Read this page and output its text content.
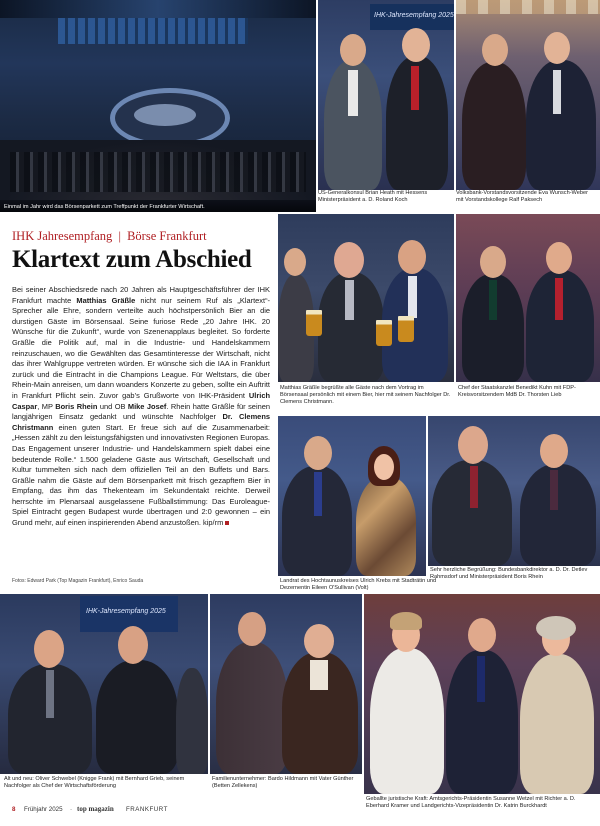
Einmal im Jahr wird das Börsenparkett zum Treffpunkt der Frankfurter Wirtschaft.
IHK-Jahresempfang 2025
US-Generalkonsul Brian Heath mit Hessens Ministerpräsident a. D. Roland Koch
Volksbank-Vorstandsvorsitzende Eva Wunsch-Weber mit Vorstandskollege Ralf Paksech
IHK Jahresempfang | Börse Frankfurt
Klartext zum Abschied
Bei seiner Abschiedsrede nach 20 Jahren als Hauptgeschäftsführer der IHK Frankfurt machte Matthias Gräßle nicht nur seinem Ruf als „Klartext“-Sprecher alle Ehre, sondern verteilte auch höchstpersönlich Bier an die durstigen Gäste im Börsensaal. Seine furiose Rede „20 Jahre IHK. 20 Wünsche für die Zukunft“, wurde von Szenenapplaus begleitet. So forderte Gräßle die Politik auf, mal in die Industrie- und Handelskammern reinzuschauen, wo die Gewählten das Gesamtinteresse der Wirtschaft, nicht das ihrer Wahlgruppe vertreten würden. Er wünsche sich die IAA in Frankfurt zurück und die Eintracht in die Champions League. Für Weltstars, die über Rhein-Main anreisen, um dann woanders Konzerte zu geben, sollte ein Auftritt in Frankfurt Pflicht sein. Zuvor gab’s Grußworte von IHK-Präsident Ulrich Caspar, MP Boris Rhein und OB Mike Josef. Rhein hatte Gräßle für seinen langjährigen Einsatz gedankt und wünschte Nachfolger Dr. Clemens Christmann einen guten Start. Er freue sich auf die Zusammenarbeit: „Hessen zählt zu den leistungsfähigsten und innovativsten Regionen Europas. Das Engagement unserer Industrie- und Handelskammern spielt dabei eine bedeutende Rolle.“ 1.500 geladene Gäste aus Wirtschaft, Gesellschaft und Kultur tummelten sich nach dem offiziellen Teil an den Buffets und Bars. Gräßle nahm die Gäste auf dem Börsenparkett mit frisch gezapftem Bier in Empfang, das ihm das Thekenteam im Sekundentakt reichte. Derweil herrschte im Plenarsaal ausgelassene Fußballstimmung: Das Euroleague-Spiel Eintracht gegen Budapest wurde übertragen und 2:0 gewonnen – ein Grund mehr, auf einen inspirierenden Abend anzustoßen. kip/rm
Fotos: Edward Park (Top Magazin Frankfurt), Enrico Sauda
Matthias Gräßle begrüßte alle Gäste nach dem Vortrag im Börsensaal persönlich mit einem Bier, hier mit seinem Nachfolger Dr. Clemens Christmann.
Chef der Staatskanzlei Benedikt Kuhn mit FDP-Kreisvorsitzendem MdB Dr. Thorsten Lieb
Landrat des Hochtaunuskreises Ulrich Krebs mit Stadträtin und Dezernentin Eileen O'Sullivan (Volt)
Sehr herzliche Begrüßung: Bundesbankdirektor a. D. Dr. Detlev Rahmsdorf und Ministerpräsident Boris Rhein
IHK-Jahresempfang 2025
Alt und neu: Oliver Schwebel (Knigge Frank) mit Bernhard Grieb, seinem Nachfolger als Chef der Wirtschaftsförderung
Familienunternehmer: Bardo Hildmann mit Vater Günther (Betten Zellekens)
Geballte juristische Kraft: Amtsgerichts-Präsidentin Susanne Wetzel mit Richter a. D. Eberhard Kramer und Landgerichts-Vizepräsidentin Dr. Katrin Burckhardt
8 Frühjahr 2025 · top magazin FRANKFURT
